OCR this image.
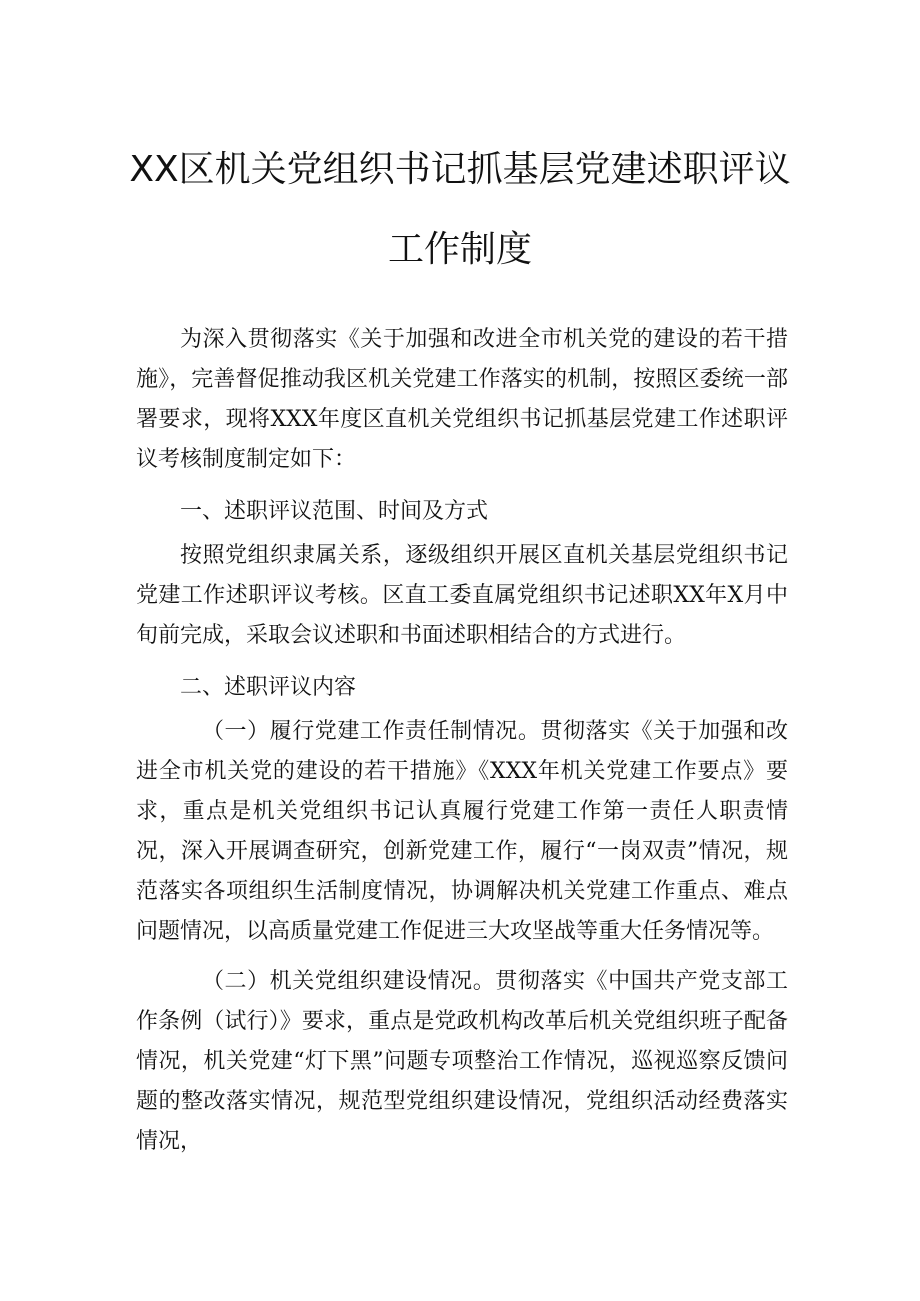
XX区机关党组织书记抓基层党建述职评议
工作制度

为深入贯彻落实《关于加强和改进全市机关党的建设的若干措施》，完善督促推动我区机关党建工作落实的机制，按照区委统一部署要求，现将XXX年度区直机关党组织书记抓基层党建工作述职评议考核制度制定如下：

一、述职评议范围、时间及方式

按照党组织隶属关系，逐级组织开展区直机关基层党组织书记党建工作述职评议考核。区直工委直属党组织书记述职XX年X月中旬前完成，采取会议述职和书面述职相结合的方式进行。

二、述职评议内容

（一）履行党建工作责任制情况。贯彻落实《关于加强和改进全市机关党的建设的若干措施》《XXX年机关党建工作要点》要求，重点是机关党组织书记认真履行党建工作第一责任人职责情况，深入开展调查研究，创新党建工作，履行“一岗双责”情况，规范落实各项组织生活制度情况，协调解决机关党建工作重点、难点问题情况，以高质量党建工作促进三大攻坚战等重大任务情况等。

（二）机关党组织建设情况。贯彻落实《中国共产党支部工作条例（试行）》要求，重点是党政机构改革后机关党组织班子配备情况，机关党建“灯下黑”问题专项整治工作情况，巡视巡察反馈问题的整改落实情况，规范型党组织建设情况，党组织活动经费落实情况，
